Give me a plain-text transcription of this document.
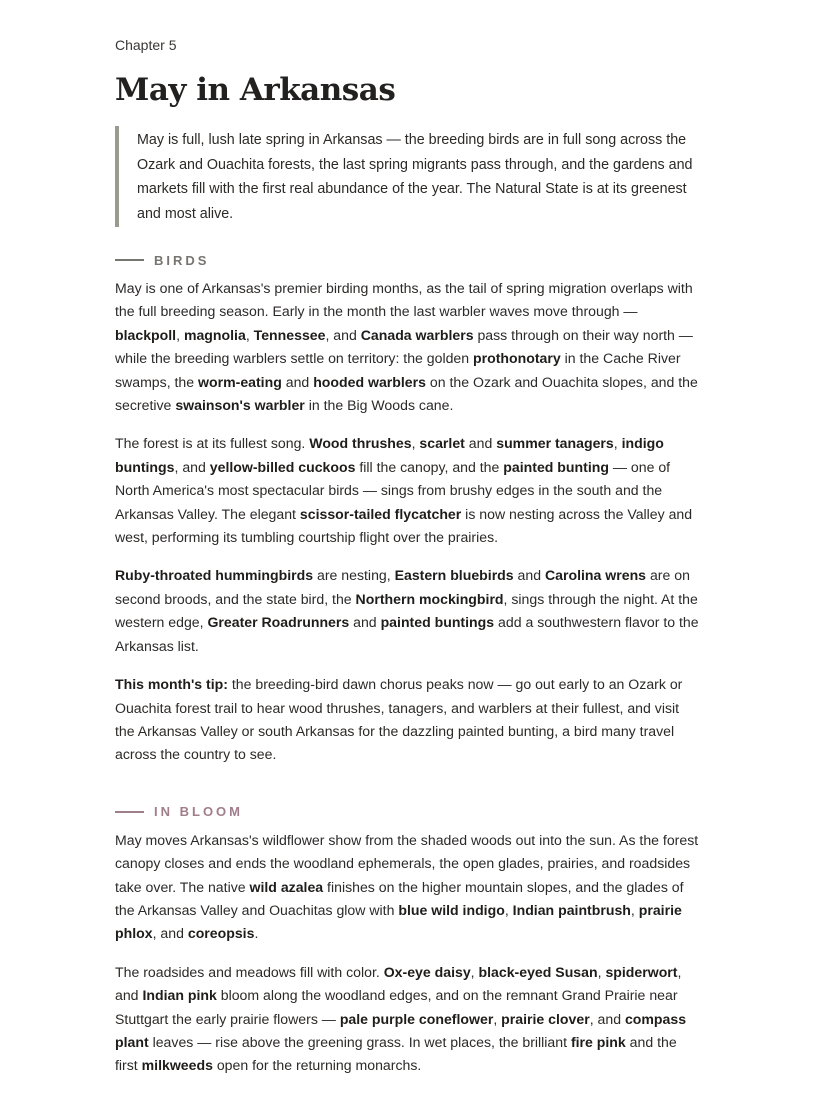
Chapter 5

May in Arkansas
May is full, lush late spring in Arkansas — the breeding birds are in full song across the Ozark and Ouachita forests, the last spring migrants pass through, and the gardens and markets fill with the first real abundance of the year. The Natural State is at its greenest and most alive.
BIRDS

May is one of Arkansas's premier birding months, as the tail of spring migration overlaps with the full breeding season. Early in the month the last warbler waves move through — blackpoll, magnolia, Tennessee, and Canada warblers pass through on their way north — while the breeding warblers settle on territory: the golden prothonotary in the Cache River swamps, the worm-eating and hooded warblers on the Ozark and Ouachita slopes, and the secretive swainson's warbler in the Big Woods cane.

The forest is at its fullest song. Wood thrushes, scarlet and summer tanagers, indigo buntings, and yellow-billed cuckoos fill the canopy, and the painted bunting — one of North America's most spectacular birds — sings from brushy edges in the south and the Arkansas Valley. The elegant scissor-tailed flycatcher is now nesting across the Valley and west, performing its tumbling courtship flight over the prairies.

Ruby-throated hummingbirds are nesting, Eastern bluebirds and Carolina wrens are on second broods, and the state bird, the Northern mockingbird, sings through the night. At the western edge, Greater Roadrunners and painted buntings add a southwestern flavor to the Arkansas list.

This month's tip: the breeding-bird dawn chorus peaks now — go out early to an Ozark or Ouachita forest trail to hear wood thrushes, tanagers, and warblers at their fullest, and visit the Arkansas Valley or south Arkansas for the dazzling painted bunting, a bird many travel across the country to see.

IN BLOOM

May moves Arkansas's wildflower show from the shaded woods out into the sun. As the forest canopy closes and ends the woodland ephemerals, the open glades, prairies, and roadsides take over. The native wild azalea finishes on the higher mountain slopes, and the glades of the Arkansas Valley and Ouachitas glow with blue wild indigo, Indian paintbrush, prairie phlox, and coreopsis.

The roadsides and meadows fill with color. Ox-eye daisy, black-eyed Susan, spiderwort, and Indian pink bloom along the woodland edges, and on the remnant Grand Prairie near Stuttgart the early prairie flowers — pale purple coneflower, prairie clover, and compass plant leaves — rise above the greening grass. In wet places, the brilliant fire pink and the first milkweeds open for the returning monarchs.
